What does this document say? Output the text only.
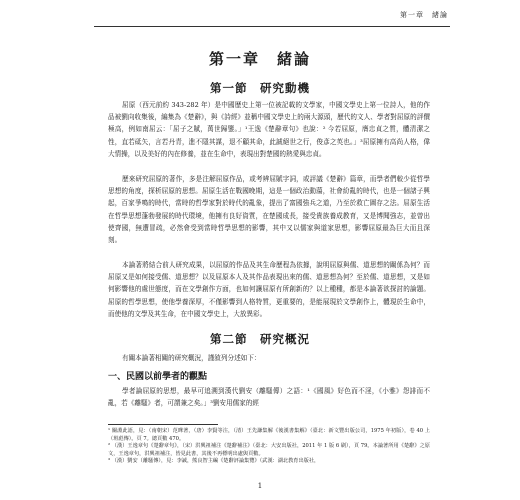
第一章　緒論
第一章　緒論
第一節　研究動機

屈原（西元前約 343-282 年）是中國歷史上第一位被記載的文學家，中國文學史上第一位詩人，他的作品被劉向收集後，編集為《楚辭》，與《詩經》並稱中國文學史上的兩大源頭，歷代的文人、學者對屈原的評價極高，例如南屈云：「屈子之賦，萬世歸鑒。」¹王逸《楚辭章句》也說：² 今若屈原，膺忠貞之質，體清潔之性，直若砥矢，言若丹青，進不隱其謀，退不顧其命，此誠絕世之行，俊彥之英也。」³屈原擁有高尚人格，偉大情操，以及美好的內在修養，並在生命中，表現出對楚國的熱愛與忠貞。

歷來研究屈原的著作，多是注解屈原作品，或考辨屈賦字詞，或評議《楚辭》篇章，而學者們較少從哲學思想的角度，探析屈原的思想。屈原生活在戰國晚期，這是一個政治動蕩，社會紛亂的時代，也是一個諸子興起，百家爭鳴的時代，當時的哲學家對於時代的亂象，提出了富國強兵之道，乃至於救亡圖存之法。屈原生活在哲學思想蓬勃發展的時代環境，他擁有良好資質，在楚國成長，接受貴族養成教育，又是博聞強志，並曾出使齊國，無遭冒疏，必然會受到當時哲學思想的影響，其中又以儒家與道家思想，影響屈原最為巨大而且深刻。

本論著將結合前人研究成果，以屈原的作品及其生命歷程為依據，說明屈原與儒、道思想的關係為何？而屈原又是如何接受儒、道思想？以及屈原本人及其作品表現出來的儒、道思想為何？至於儒、道思想，又是如何影響他的處世態度，而在文學創作方面，也如何讓屈原有所創新的？以上種種，都是本論著欲探討的論題。屈原的哲學思想，使他學養深厚，不僅影響到人格特質，更重要的，是能展現於文學創作上，體現於生命中，而使他的文學及其生命，在中國文學史上，大放異彩。

第二節　研究概況

有關本論著相關的研究概況，謹敘列分述如下：

一、民國以前學者的觀點

學者論屈原的思想，最早可追溯到漢代劉安（離騷傳）之語：¹《國風》好色而不淫，《小雅》怨誹而不亂，若《離騷》者，可謂兼之矣。」³劉安用儒家的經

¹ 關淵此語，見：（南朝宋）范曄著，（唐）李賢等注，（清）王先謙集解《後漢書集解》（臺北：新文豐出版公司，1975 年初版），卷 40 上（班彪傳）。頁 7。總頁數 470。

² （漢）王逸章句《楚辭章句》，（宋）洪興祖補注《楚辭補注》（臺北：大安出版社，2011 年 1 版 6 刷），頁 79。本論著所用《楚辭》之原文，王逸章句，洪興祖補注，皆見此書，其後不再標明出處與頁數。

³ （漢）劉安（離騷傳），見：李誠，熊良智主編《楚辭評論集覽》（武漢：湖北教育出版社，

1
